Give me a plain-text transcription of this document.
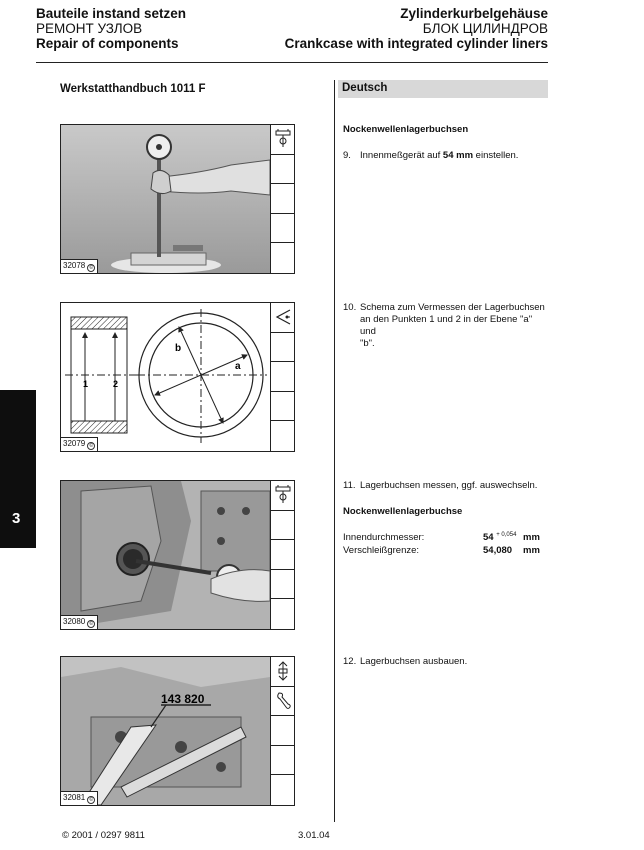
Bauteile instand setzen
РЕМОНТ УЗЛОВ
Repair of components
Zylinderkurbelgehäuse
БЛОК ЦИЛИНДРОВ
Crankcase with integrated cylinder liners
Werkstatthandbuch 1011 F	Deutsch
3
32078 ©
1	2
b
a
32079 ©
32080 ©
143 820
32081 ©
Nockenwellenlagerbuchsen
9. Innenmeßgerät auf 54 mm einstellen.
10. Schema zum Vermessen der Lagerbuchsen
an den Punkten 1 und 2 in der Ebene "a" und
"b".
11. Lagerbuchsen messen, ggf. auswechseln.
Nockenwellenlagerbuchse
Innendurchmesser:	54 $^{+ 0,054}$ mm
Verschleißgrenze:	54,080 mm
12. Lagerbuchsen ausbauen.
© 2001 / 0297 9811	3.01.04
